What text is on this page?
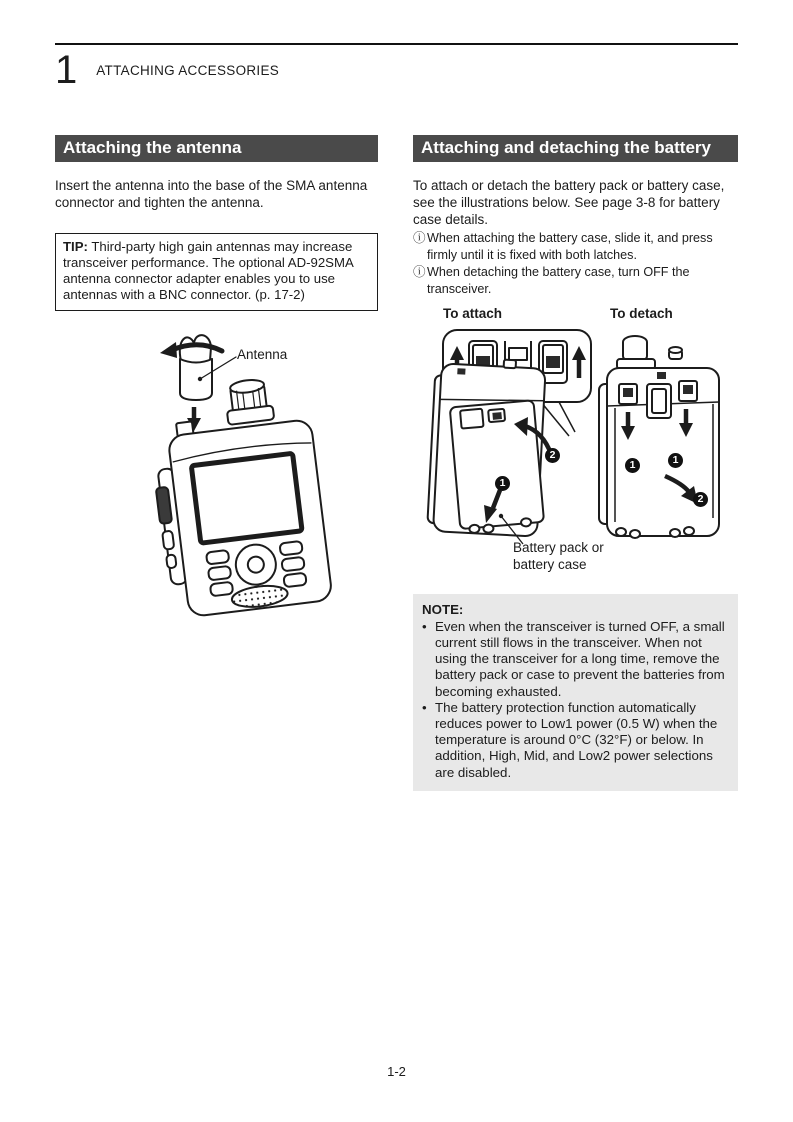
1 ATTACHING ACCESSORIES
Attaching the antenna

Insert the antenna into the base of the SMA antenna connector and tighten the antenna.

TIP: Third-party high gain antennas may increase transceiver performance. The optional AD-92SMA antenna connector adapter enables you to use antennas with a BNC connector. (p. 17-2)
Antenna
Attaching and detaching the battery

To attach or detach the battery pack or battery case, see the illustrations below. See page 3-8 for battery case details.

ⓘ When attaching the battery case, slide it, and press firmly until it is fixed with both latches.
ⓘ When detaching the battery case, turn OFF the transceiver.
To attach	To detach
1
2
1	1
2
Battery pack or battery case
NOTE:
• Even when the transceiver is turned OFF, a small current still flows in the transceiver. When not using the transceiver for a long time, remove the battery pack or case to prevent the batteries from becoming exhausted.
• The battery protection function automatically reduces power to Low1 power (0.5 W) when the temperature is around 0°C (32°F) or below. In addition, High, Mid, and Low2 power selections are disabled.
1-2
